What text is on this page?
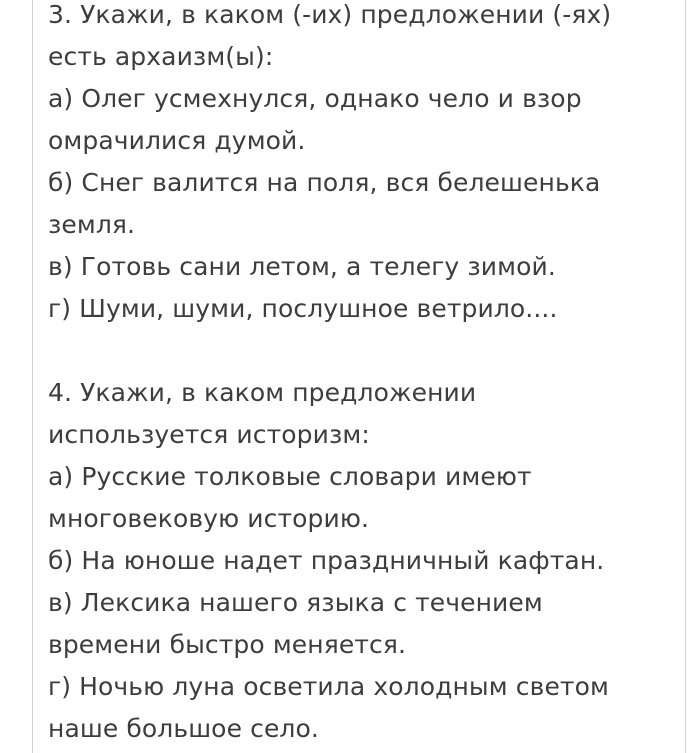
3. Укажи, в каком (-их) предложении (-ях)
есть архаизм(ы):
а) Олег усмехнулся, однако чело и взор
омрачилися думой.
б) Снег валится на поля, вся белешенька
земля.
в) Готовь сани летом, а телегу зимой.
г) Шуми, шуми, послушное ветрило....
4. Укажи, в каком предложении
используется историзм:
а) Русские толковые словари имеют
многовековую историю.
б) На юноше надет праздничный кафтан.
в) Лексика нашего языка с течением
времени быстро меняется.
г) Ночью луна осветила холодным светом
наше большое село.
